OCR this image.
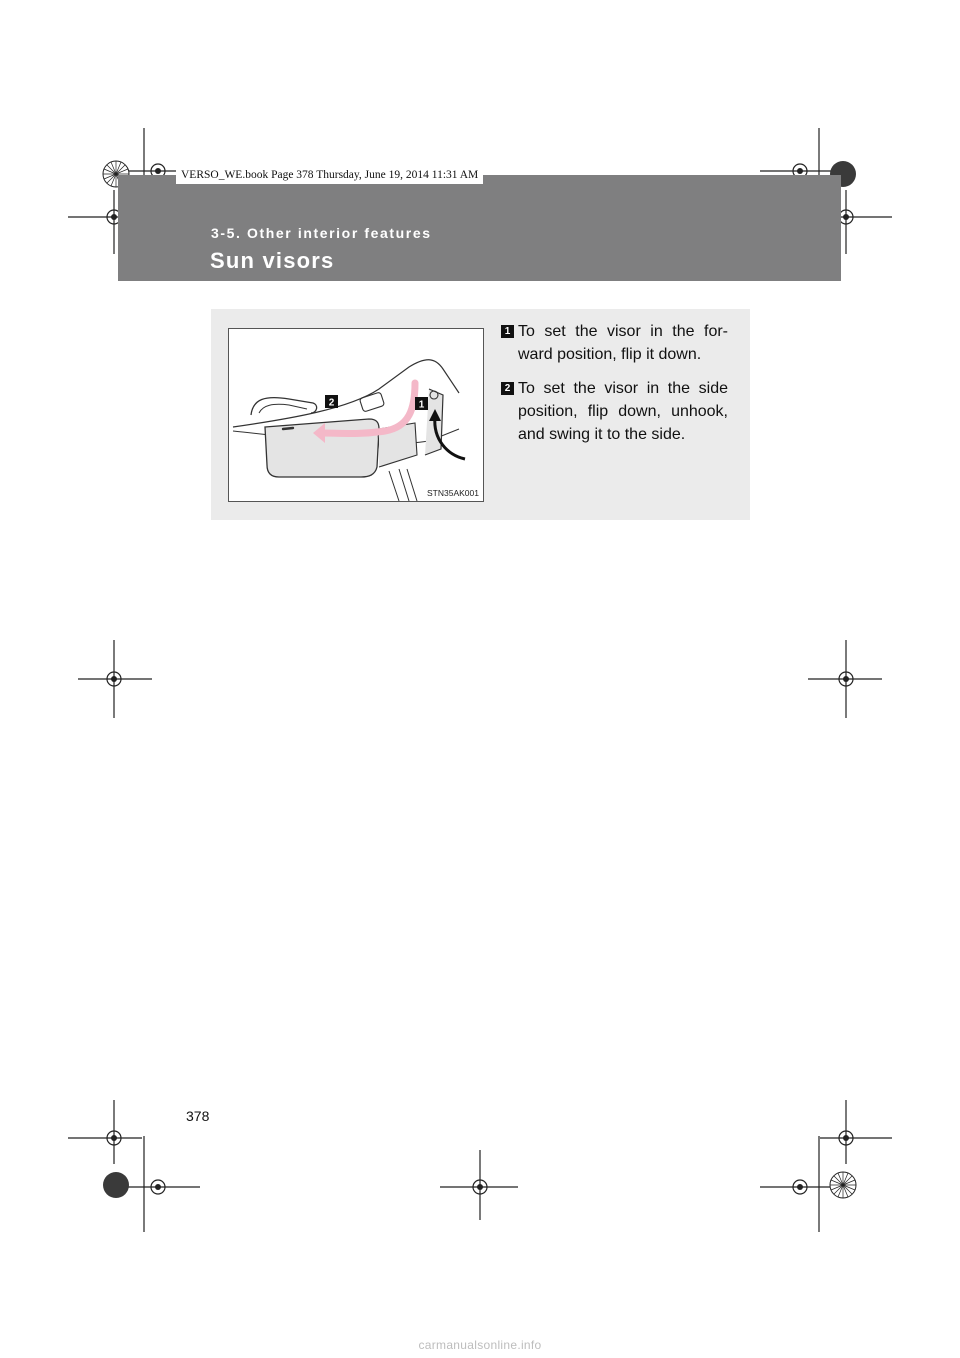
VERSO_WE.book Page 378 Thursday, June 19, 2014 11:31 AM
3-5. Other interior features
Sun visors
2	1
STN35AK001
1 To set the visor in the for- ward position, flip it down.
2 To set the visor in the side position, flip down, unhook, and swing it to the side.
378
carmanualsonline.info
